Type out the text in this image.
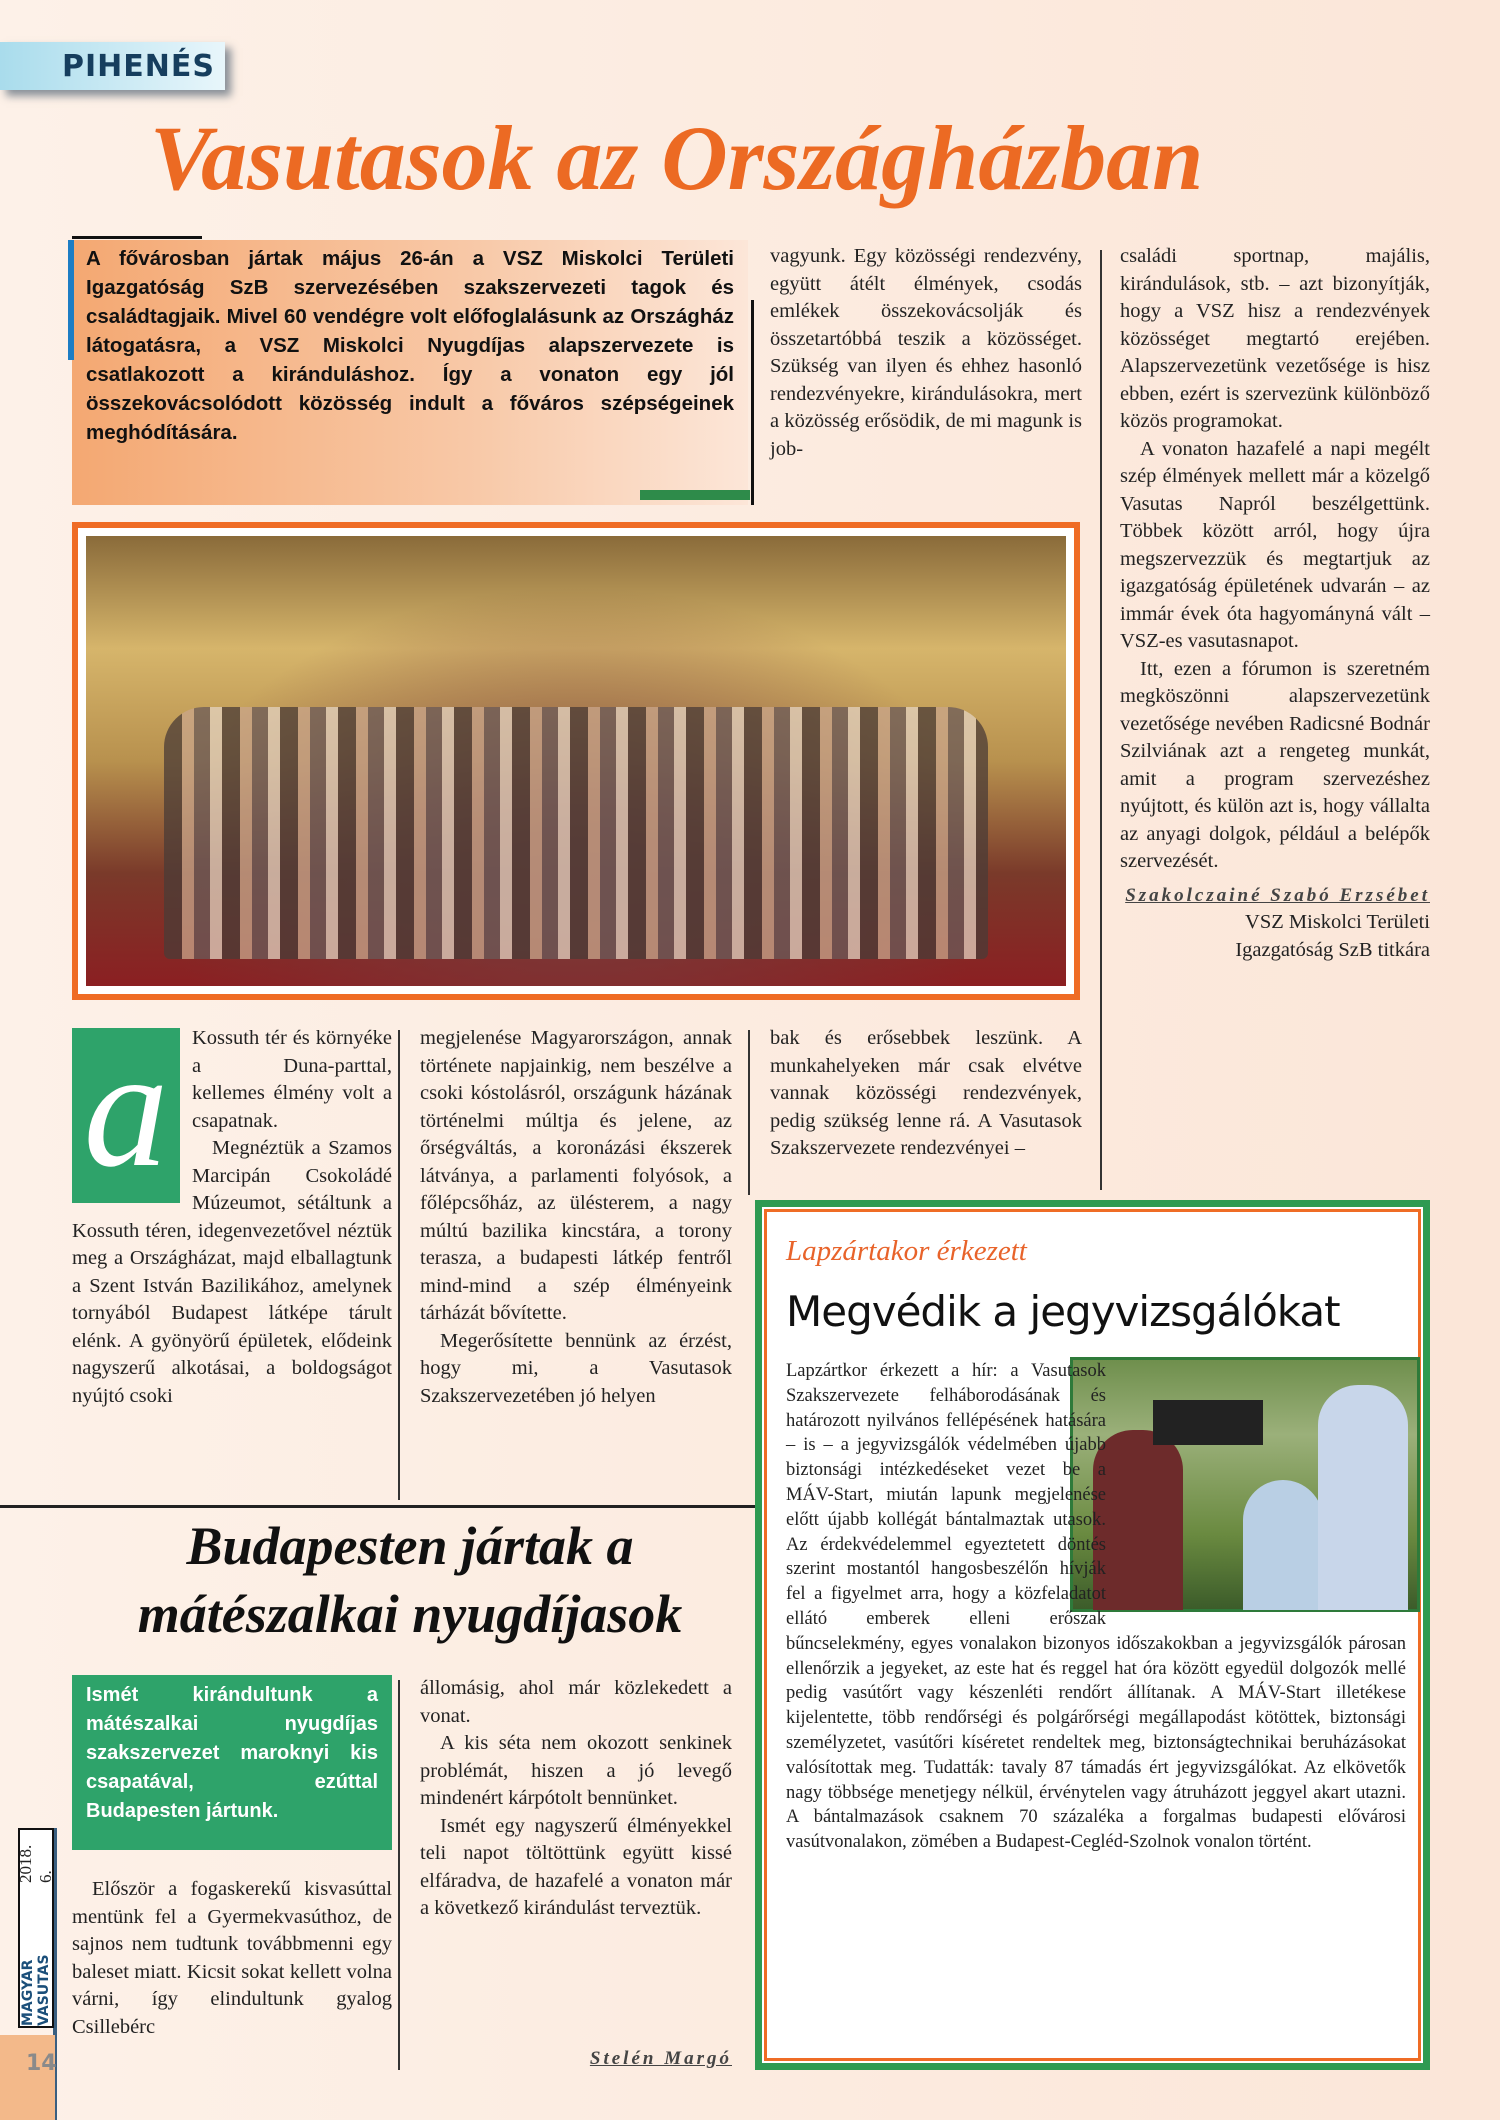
PIHENÉS
Vasutasok az Országházban
A fővárosban jártak május 26-án a VSZ Miskolci Területi Igazgatóság SzB szervezésében szakszervezeti tagok és családtagjaik. Mivel 60 vendégre volt előfoglalásunk az Országház látogatásra, a VSZ Miskolci Nyugdíjas alapszervezete is csatlakozott a kiránduláshoz. Így a vonaton egy jól összekovácsolódott közösség indult a főváros szépségeinek meghódítására.

vagyunk. Egy közösségi rendezvény, együtt átélt élmények, csodás emlékek összekovácsolják és összetartóbbá teszik a közösséget. Szükség van ilyen és ehhez hasonló rendezvényekre, kirándulásokra, mert a közösség erősödik, de mi magunk is job-

családi sportnap, majális, kirándulások, stb. – azt bizonyítják, hogy a VSZ hisz a rendezvények közösséget megtartó erejében. Alapszervezetünk vezetősége is hisz ebben, ezért is szervezünk különböző közös programokat.

A vonaton hazafelé a napi megélt szép élmények mellett már a közelgő Vasutas Napról beszélgettünk. Többek között arról, hogy újra megszervezzük és megtartjuk az igazgatóság épületének udvarán – az immár évek óta hagyományná vált – VSZ-es vasutasnapot.

Itt, ezen a fórumon is szeretném megköszönni alapszervezetünk vezetősége nevében Radicsné Bodnár Szilviának azt a rengeteg munkát, amit a program szervezéshez nyújtott, és külön azt is, hogy vállalta az anyagi dolgok, például a belépők szervezését.

Szakolczainé Szabó Erzsébet
VSZ Miskolci Területi
Igazgatóság SzB titkára
a	Kossuth tér és környéke a Duna-parttal, kellemes élmény volt a csapatnak.

Megnéztük a Szamos Marcipán Csokoládé Múzeumot, sétáltunk a Kossuth téren, idegenvezetővel néztük meg a Országházat, majd elballagtunk a Szent István Bazilikához, amelynek tornyából Budapest látképe tárult elénk. A gyönyörű épületek, elődeink nagyszerű alkotásai, a boldogságot nyújtó csoki

megjelenése Magyarországon, annak története napjainkig, nem beszélve a csoki kóstolásról, országunk házának történelmi múltja és jelene, az őrségváltás, a koronázási ékszerek látványa, a parlamenti folyósok, a főlépcsőház, az ülésterem, a nagy múltú bazilika kincstára, a torony terasza, a budapesti látkép fentről mind-mind a szép élményeink tárházát bővítette.

Megerősítette bennünk az érzést, hogy mi, a Vasutasok Szakszervezetében jó helyen

bak és erősebbek leszünk. A munkahelyeken már csak elvétve vannak közösségi rendezvények, pedig szükség lenne rá. A Vasutasok Szakszervezete rendezvényei –

Budapesten jártak a mátészalkai nyugdíjasok
Ismét kirándultunk a mátészalkai nyugdíjas szakszervezet maroknyi kis csapatával, ezúttal Budapesten jártunk.

Először a fogaskerekű kisvasúttal mentünk fel a Gyermekvasúthoz, de sajnos nem tudtunk továbbmenni egy baleset miatt. Kicsit sokat kellett volna várni, így elindultunk gyalog Csillebérc

állomásig, ahol már közlekedett a vonat.

A kis séta nem okozott senkinek problémát, hiszen a jó levegő mindenért kárpótolt bennünket.

Ismét egy nagyszerű élményekkel teli napot töltöttünk együtt kissé elfáradva, de hazafelé a vonaton már a következő kirándulást terveztük.

Stelén Margó
Lapzártakor érkezett
Megvédik a jegyvizsgálókat
Lapzártkor érkezett a hír: a Vasutasok Szakszervezete felháborodásának és határozott nyilvános fellépésének hatására – is – a jegyvizsgálók védelmében újabb biztonsági intézkedéseket vezet be a MÁV-Start, miután lapunk megjelenése előtt újabb kollégát bántalmaztak utasok. Az érdekvédelemmel egyeztetett döntés szerint mostantól hangosbeszélőn hívják fel a figyelmet arra, hogy a közfeladatot ellátó emberek elleni erőszak bűncselekmény, egyes vonalakon bizonyos időszakokban a jegyvizsgálók párosan ellenőrzik a jegyeket, az este hat és reggel hat óra között egyedül dolgozók mellé pedig vasútőrt vagy készenléti rendőrt állítanak. A MÁV-Start illetékese kijelentette, több rendőrségi és polgárőrségi megállapodást kötöttek, biztonsági személyzetet, vasútőri kíséretet rendeltek meg, biztonságtechnikai beruházásokat valósítottak meg. Tudatták: tavaly 87 támadás ért jegyvizsgálókat. Az elkövetők nagy többsége menetjegy nélkül, érvénytelen vagy átruházott jeggyel akart utazni. A bántalmazások csaknem 70 százaléka a forgalmas budapesti elővárosi vasútvonalakon, zömében a Budapest-Cegléd-Szolnok vonalon történt.
MAGYAR VASUTAS
2018. 6.
14
